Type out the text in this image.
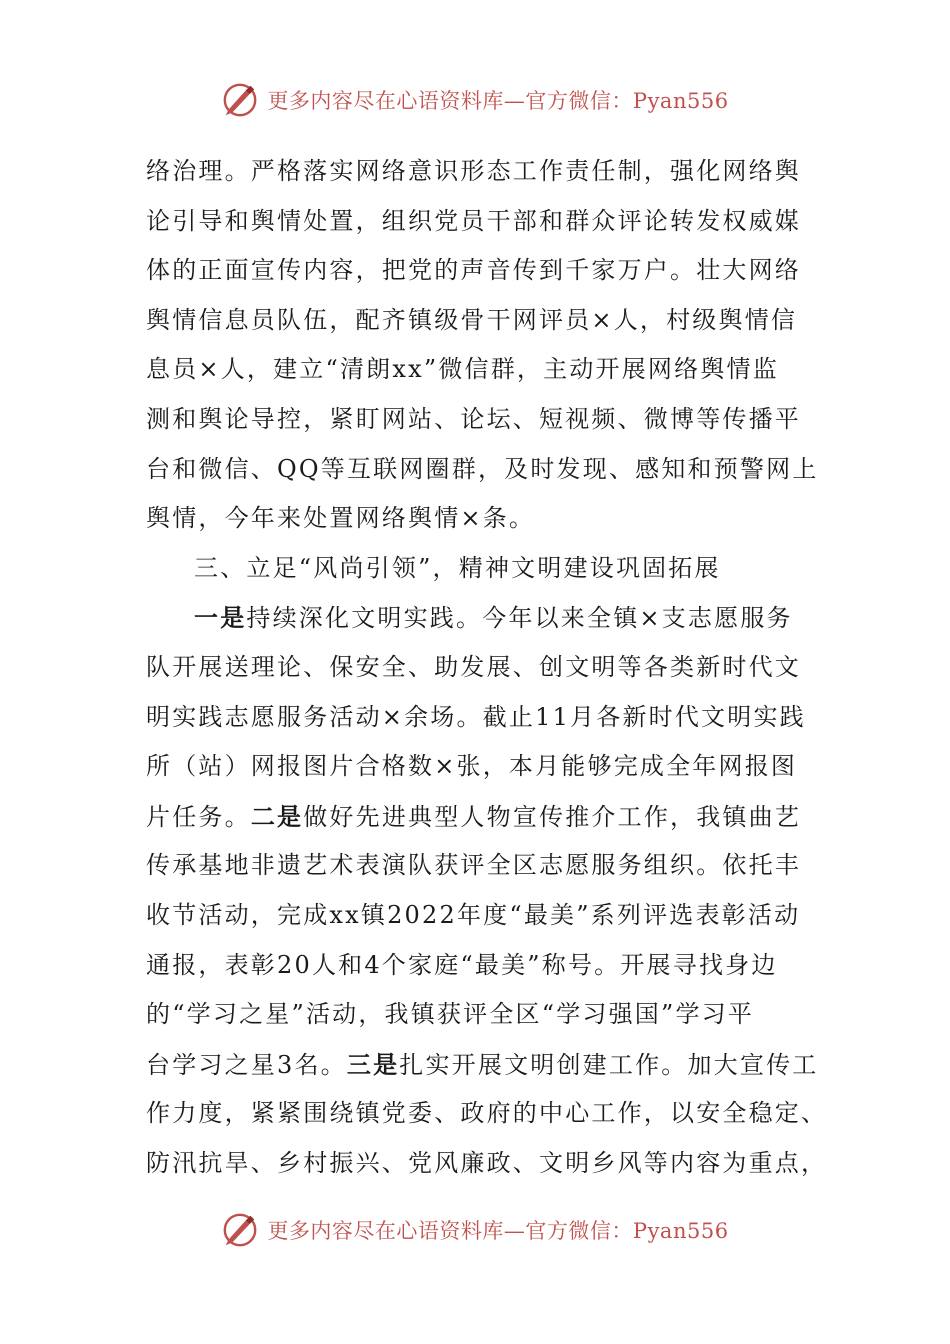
更多内容尽在心语资料库—官方微信：Pyan556
络治理。严格落实网络意识形态工作责任制，强化网络舆
论引导和舆情处置，组织党员干部和群众评论转发权威媒
体的正面宣传内容，把党的声音传到千家万户。壮大网络
舆情信息员队伍，配齐镇级骨干网评员×人，村级舆情信
息员×人，建立“清朗xx”微信群，主动开展网络舆情监
测和舆论导控，紧盯网站、论坛、短视频、微博等传播平
台和微信、QQ等互联网圈群，及时发现、感知和预警网上
舆情，今年来处置网络舆情×条。
三、立足“风尚引领”，精神文明建设巩固拓展
一是持续深化文明实践。今年以来全镇×支志愿服务
队开展送理论、保安全、助发展、创文明等各类新时代文
明实践志愿服务活动×余场。截止11月各新时代文明实践
所（站）网报图片合格数×张，本月能够完成全年网报图
片任务。二是做好先进典型人物宣传推介工作，我镇曲艺
传承基地非遗艺术表演队获评全区志愿服务组织。依托丰
收节活动，完成xx镇2022年度“最美”系列评选表彰活动
通报，表彰20人和4个家庭“最美”称号。开展寻找身边
的“学习之星”活动，我镇获评全区“学习强国”学习平
台学习之星3名。三是扎实开展文明创建工作。加大宣传工
作力度，紧紧围绕镇党委、政府的中心工作，以安全稳定、
防汛抗旱、乡村振兴、党风廉政、文明乡风等内容为重点，
更多内容尽在心语资料库—官方微信：Pyan556
